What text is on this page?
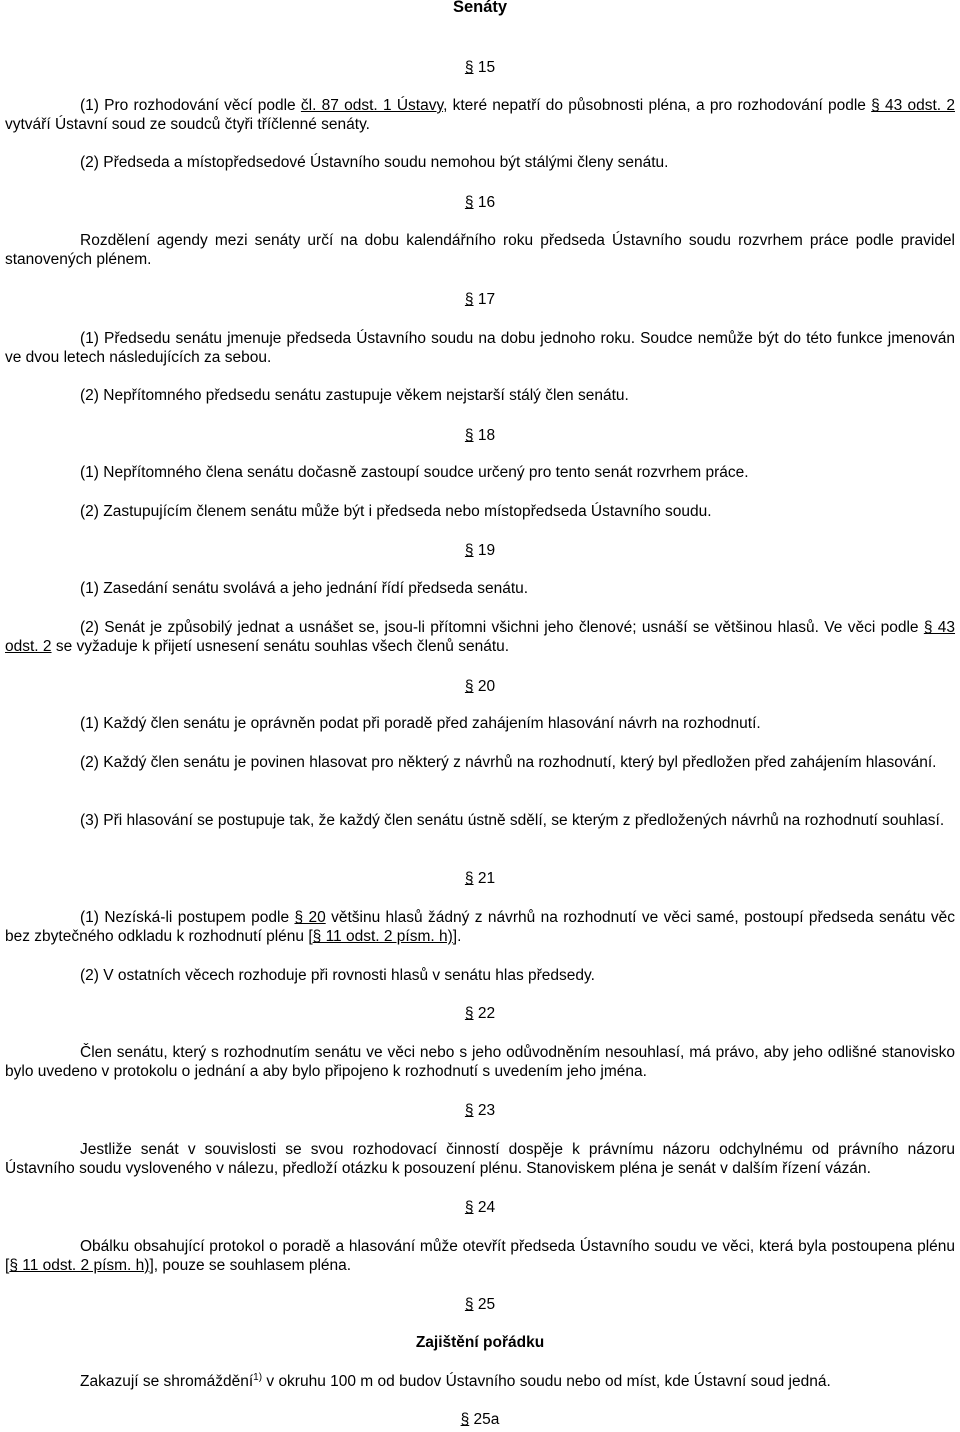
Senáty
§ 15

(1) Pro rozhodování věcí podle čl. 87 odst. 1 Ústavy, které nepatří do působnosti pléna, a pro rozhodování podle § 43 odst. 2 vytváří Ústavní soud ze soudců čtyři tříčlenné senáty.

(2) Předseda a místopředsedové Ústavního soudu nemohou být stálými členy senátu.

§ 16

Rozdělení agendy mezi senáty určí na dobu kalendářního roku předseda Ústavního soudu rozvrhem práce podle pravidel stanovených plénem.

§ 17

(1) Předsedu senátu jmenuje předseda Ústavního soudu na dobu jednoho roku. Soudce nemůže být do této funkce jmenován ve dvou letech následujících za sebou.

(2) Nepřítomného předsedu senátu zastupuje věkem nejstarší stálý člen senátu.

§ 18

(1) Nepřítomného člena senátu dočasně zastoupí soudce určený pro tento senát rozvrhem práce.

(2) Zastupujícím členem senátu může být i předseda nebo místopředseda Ústavního soudu.

§ 19

(1) Zasedání senátu svolává a jeho jednání řídí předseda senátu.

(2) Senát je způsobilý jednat a usnášet se, jsou-li přítomni všichni jeho členové; usnáší se většinou hlasů. Ve věci podle § 43 odst. 2 se vyžaduje k přijetí usnesení senátu souhlas všech členů senátu.

§ 20

(1) Každý člen senátu je oprávněn podat při poradě před zahájením hlasování návrh na rozhodnutí.

(2) Každý člen senátu je povinen hlasovat pro některý z návrhů na rozhodnutí, který byl předložen před zahájením hlasování.

(3) Při hlasování se postupuje tak, že každý člen senátu ústně sdělí, se kterým z předložených návrhů na rozhodnutí souhlasí.

§ 21

(1) Nezíská-li postupem podle § 20 většinu hlasů žádný z návrhů na rozhodnutí ve věci samé, postoupí předseda senátu věc bez zbytečného odkladu k rozhodnutí plénu [§ 11 odst. 2 písm. h)].

(2) V ostatních věcech rozhoduje při rovnosti hlasů v senátu hlas předsedy.

§ 22

Člen senátu, který s rozhodnutím senátu ve věci nebo s jeho odůvodněním nesouhlasí, má právo, aby jeho odlišné stanovisko bylo uvedeno v protokolu o jednání a aby bylo připojeno k rozhodnutí s uvedením jeho jména.

§ 23

Jestliže senát v souvislosti se svou rozhodovací činností dospěje k právnímu názoru odchylnému od právního názoru Ústavního soudu vysloveného v nálezu, předloží otázku k posouzení plénu. Stanoviskem pléna je senát v dalším řízení vázán.

§ 24

Obálku obsahující protokol o poradě a hlasování může otevřít předseda Ústavního soudu ve věci, která byla postoupena plénu [§ 11 odst. 2 písm. h)], pouze se souhlasem pléna.

§ 25
Zajištění pořádku

Zakazují se shromáždění$^{1)}$ v okruhu 100 m od budov Ústavního soudu nebo od míst, kde Ústavní soud jedná.

§ 25a
